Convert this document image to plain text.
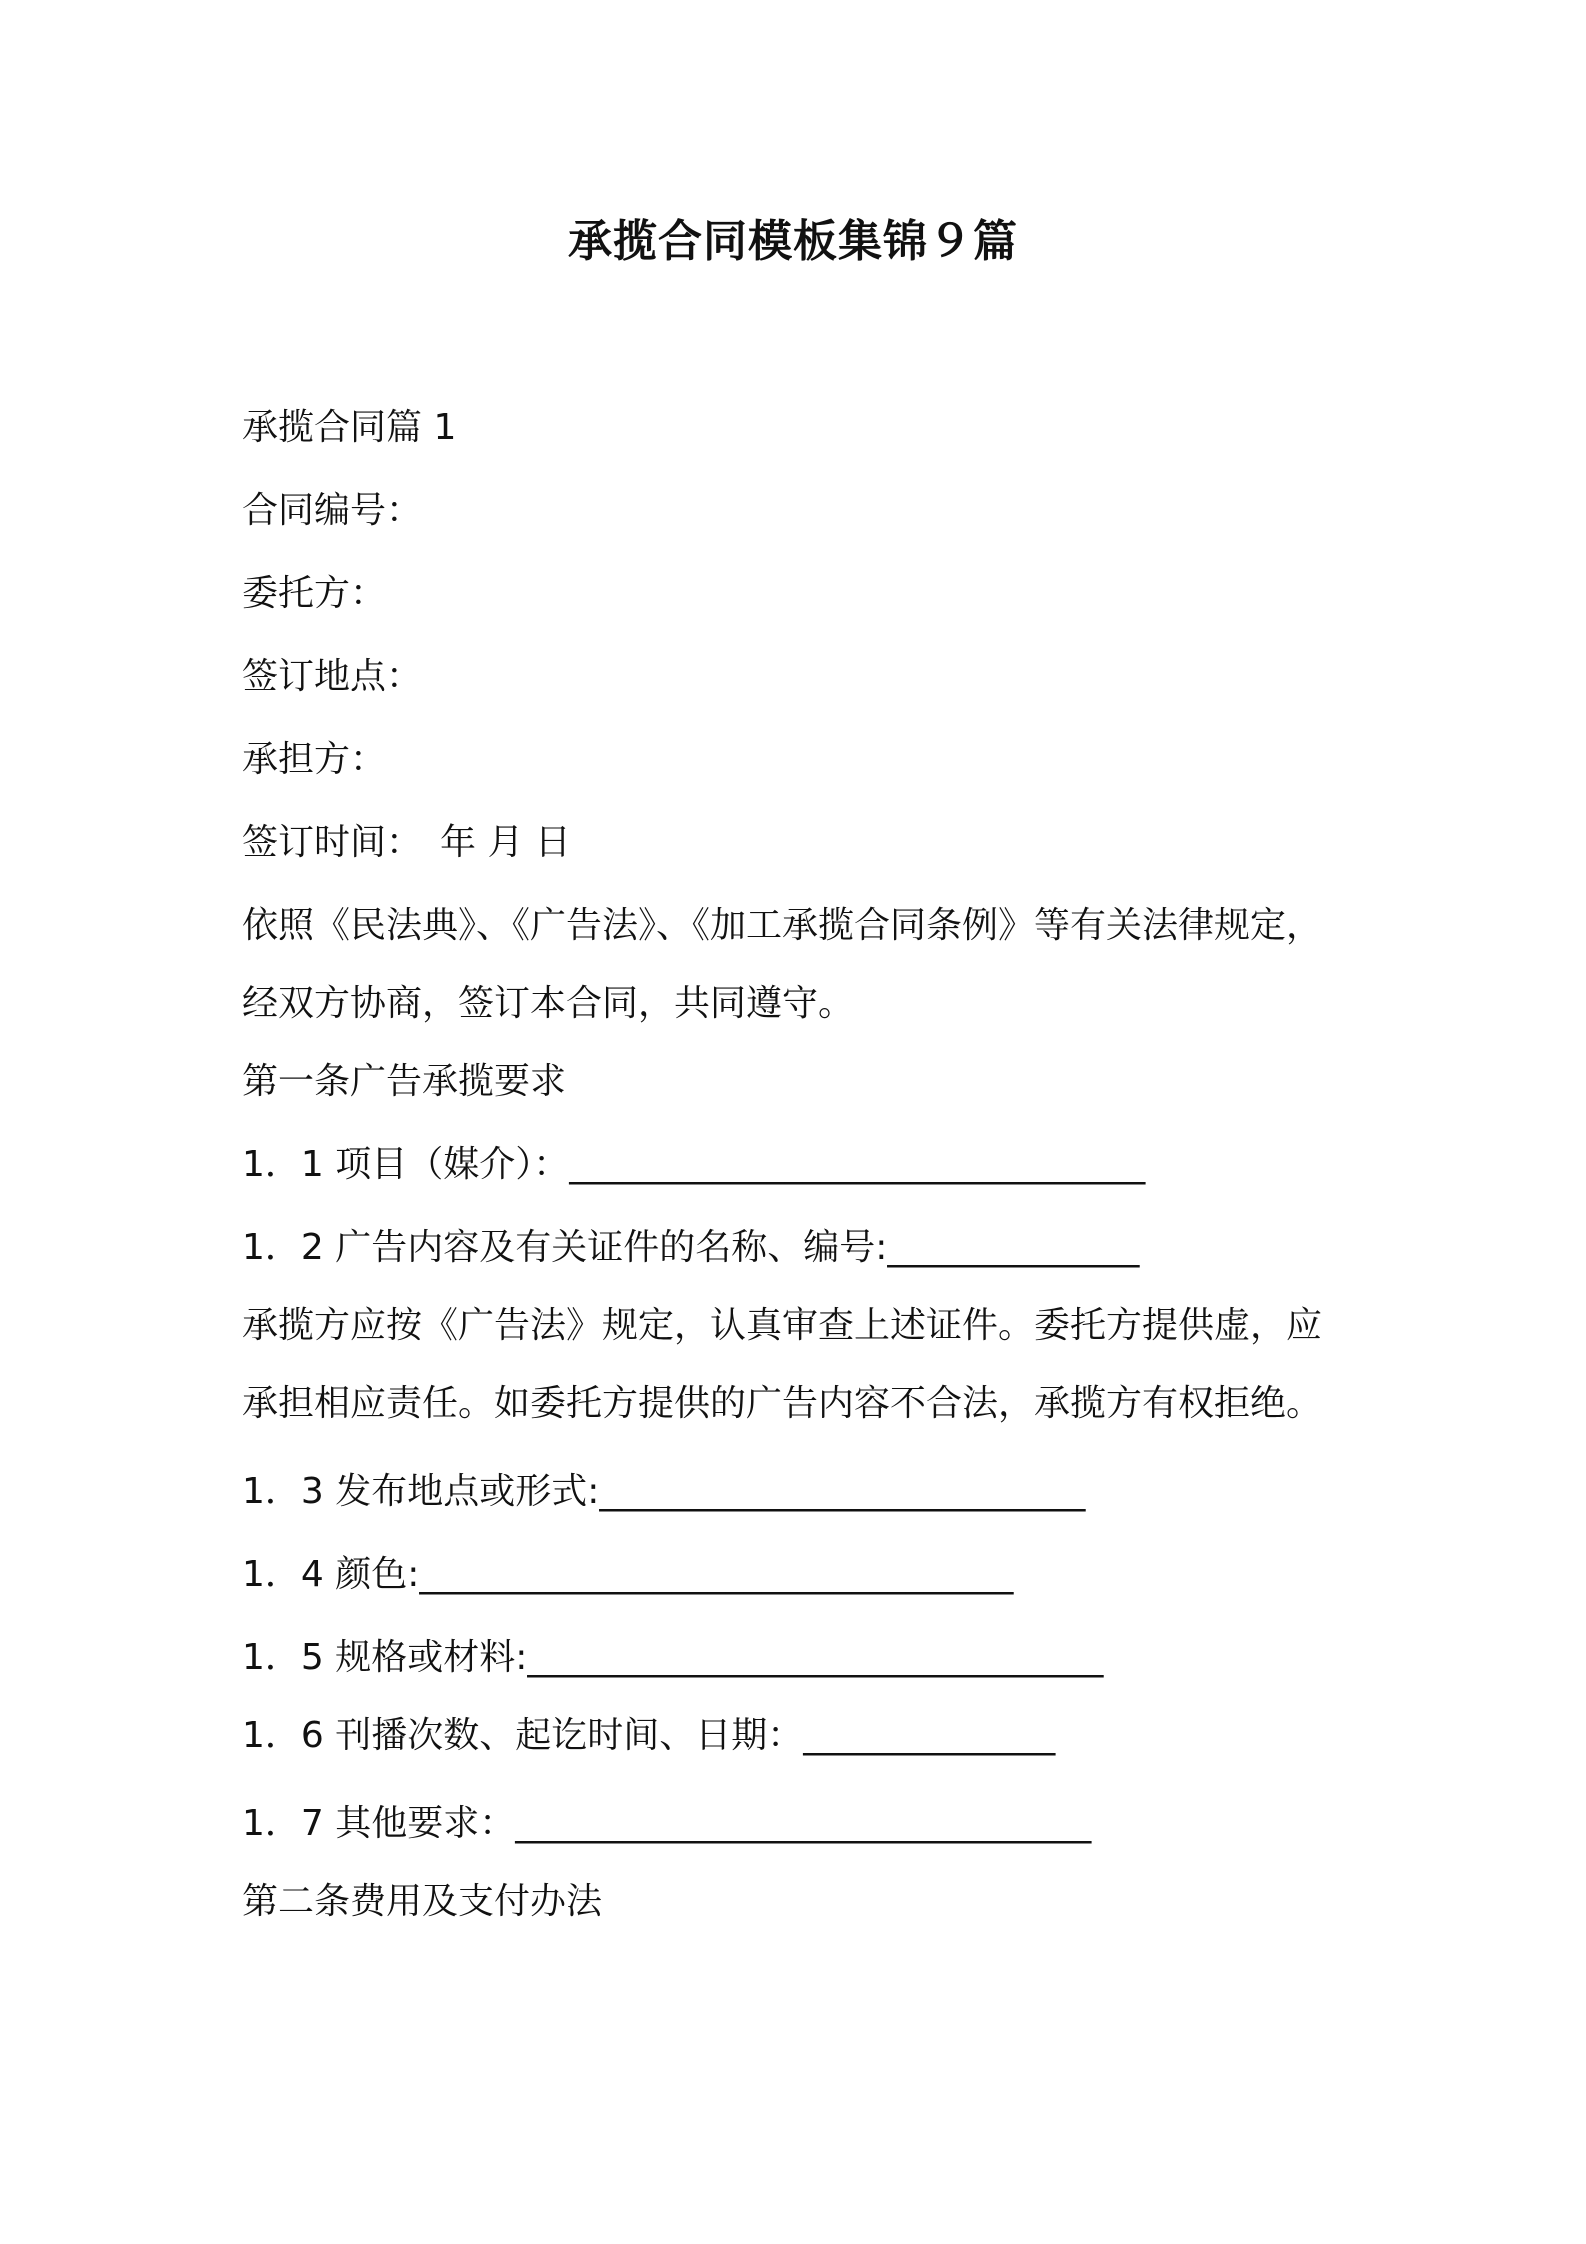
承揽合同模板集锦９篇
承揽合同篇 1
合同编号：
委托方：
签订地点：
承担方：
签订时间：　年 月 日
依照《民法典》、《广告法》、《加工承揽合同条例》等有关法律规定，
经双方协商，签订本合同，共同遵守。
第一条广告承揽要求
1．1 项目（媒介）：________________________________
1．2 广告内容及有关证件的名称、编号:______________
承揽方应按《广告法》规定，认真审查上述证件。委托方提供虚，应
承担相应责任。如委托方提供的广告内容不合法，承揽方有权拒绝。
1．3 发布地点或形式:___________________________
1．4 颜色:_________________________________
1．5 规格或材料:________________________________
1．6 刊播次数、起讫时间、日期：______________
1．7 其他要求：________________________________
第二条费用及支付办法
